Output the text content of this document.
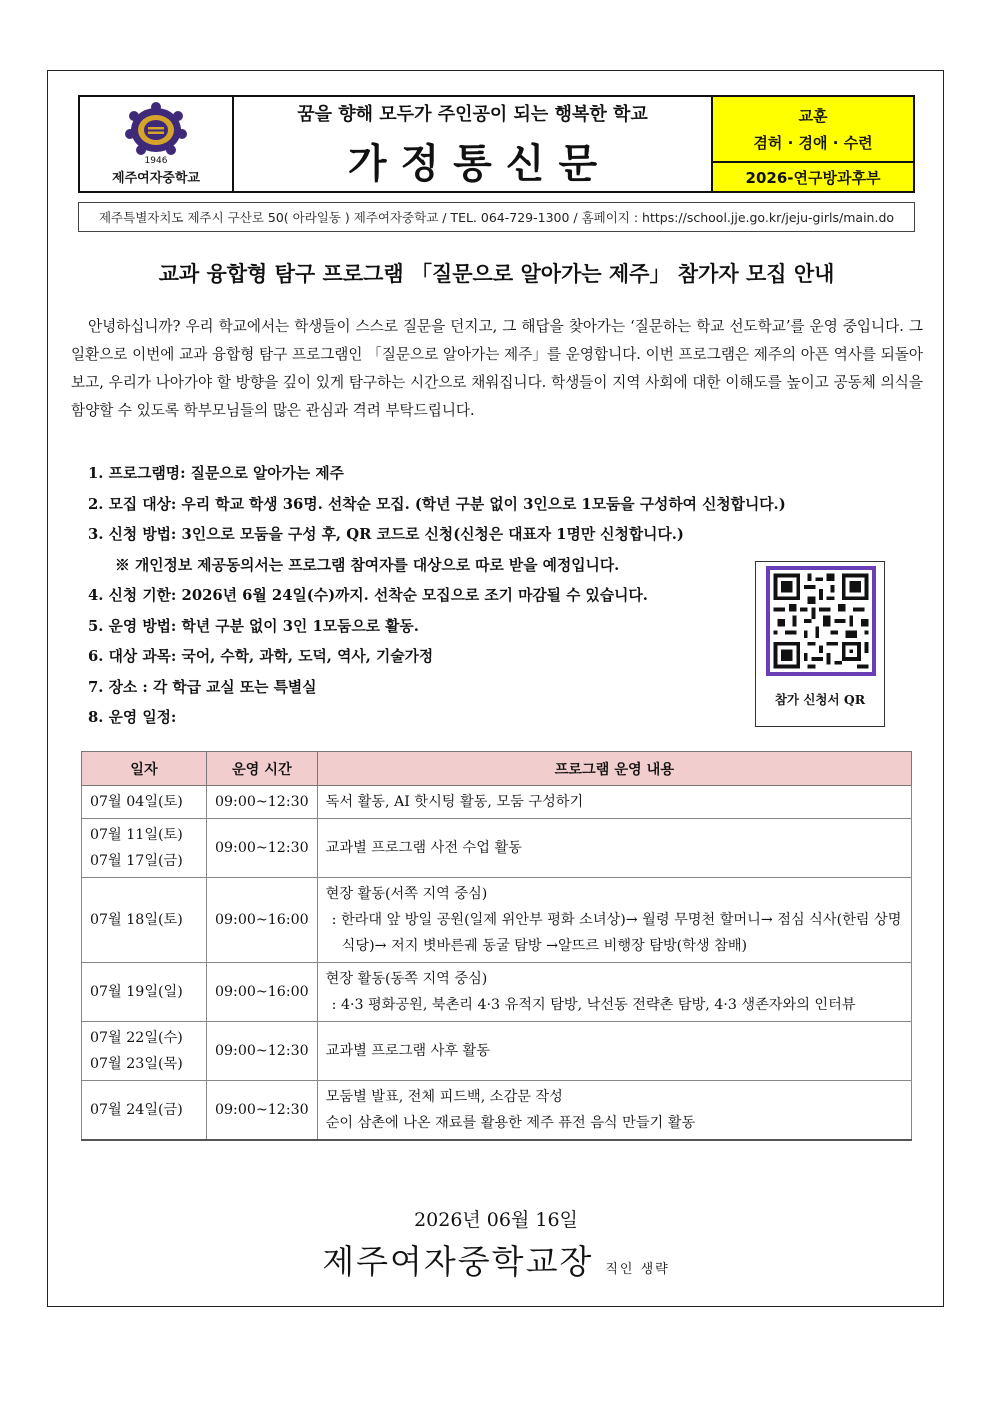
1946
제주여자중학교
꿈을 향해 모두가 주인공이 되는 행복한 학교
가정통신문
교훈
겸허 · 경애 · 수련
2026-연구방과후부
제주특별자치도 제주시 구산로 50( 아라일동 ) 제주여자중학교 / TEL. 064-729-1300 / 홈페이지 : https://school.jje.go.kr/jeju-girls/main.do
교과 융합형 탐구 프로그램 「질문으로 알아가는 제주」 참가자 모집 안내
안녕하십니까? 우리 학교에서는 학생들이 스스로 질문을 던지고, 그 해답을 찾아가는 ‘질문하는 학교 선도학교’를 운영 중입니다. 그 일환으로 이번에 교과 융합형 탐구 프로그램인 「질문으로 알아가는 제주」를 운영합니다. 이번 프로그램은 제주의 아픈 역사를 되돌아보고, 우리가 나아가야 할 방향을 깊이 있게 탐구하는 시간으로 채워집니다. 학생들이 지역 사회에 대한 이해도를 높이고 공동체 의식을 함양할 수 있도록 학부모님들의 많은 관심과 격려 부탁드립니다.
1. 프로그램명: 질문으로 알아가는 제주
2. 모집 대상: 우리 학교 학생 36명. 선착순 모집. (학년 구분 없이 3인으로 1모둠을 구성하여 신청합니다.)
3. 신청 방법: 3인으로 모둠을 구성 후, QR 코드로 신청(신청은 대표자 1명만 신청합니다.)
※ 개인정보 제공동의서는 프로그램 참여자를 대상으로 따로 받을 예정입니다.
4. 신청 기한: 2026년 6월 24일(수)까지. 선착순 모집으로 조기 마감될 수 있습니다.
5. 운영 방법: 학년 구분 없이 3인 1모둠으로 활동.
6. 대상 과목: 국어, 수학, 과학, 도덕, 역사, 기술가정
7. 장소 : 각 학급 교실 또는 특별실
8. 운영 일정:
참가 신청서 QR
일자	운영 시간	프로그램 운영 내용

07월 04일(토)	09:00~12:30	독서 활동, AI 핫시팅 활동, 모둠 구성하기

07월 11일(토)
07월 17일(금)	09:00~12:30	교과별 프로그램 사전 수업 활동

07월 18일(토)	09:00~16:00	현장 활동(서쪽 지역 중심)
: 한라대 앞 방일 공원(일제 위안부 평화 소녀상)→ 월령 무명천 할머니→ 점심 식사(한림 상명 식당)→ 저지 볏바른궤 동굴 탐방 →알뜨르 비행장 탐방(학생 참배)

07월 19일(일)	09:00~16:00	현장 활동(동쪽 지역 중심)
: 4·3 평화공원, 북촌리 4·3 유적지 탐방, 낙선동 전략촌 탐방, 4·3 생존자와의 인터뷰

07월 22일(수)
07월 23일(목)	09:00~12:30	교과별 프로그램 사후 활동

07월 24일(금)	09:00~12:30	모둠별 발표, 전체 피드백, 소감문 작성
순이 삼촌에 나온 재료를 활용한 제주 퓨전 음식 만들기 활동
2026년 06월 16일
제주여자중학교장 직인 생략
